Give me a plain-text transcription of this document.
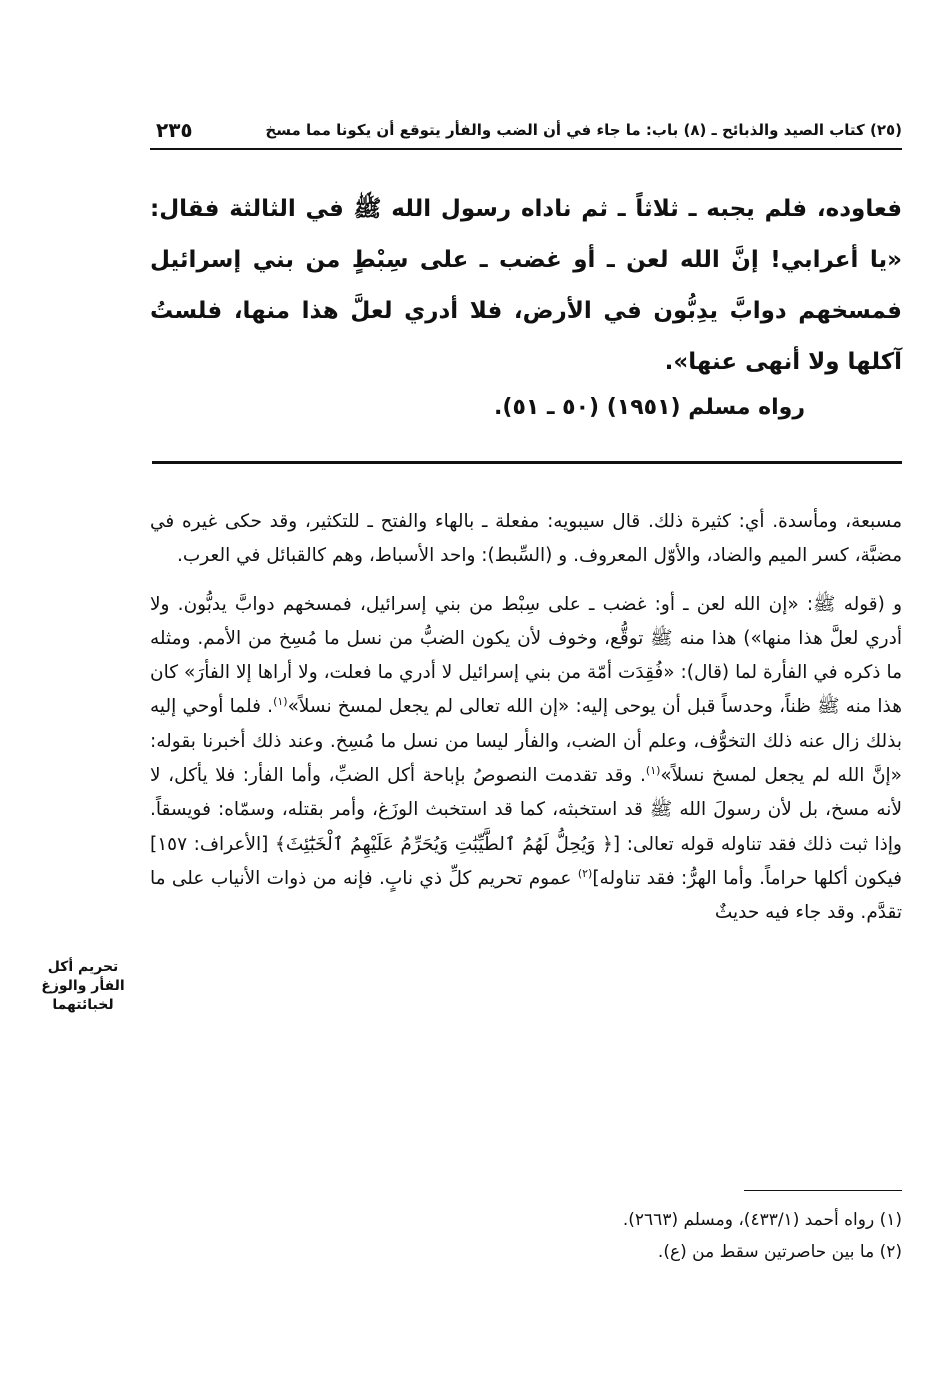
(٢٥) كتاب الصيد والذبائح ـ (٨) باب: ما جاء في أن الضب والفأر يتوقع أن يكونا مما مسخ
٢٣٥

فعاوده، فلم يجبه ـ ثلاثاً ـ ثم ناداه رسول الله ﷺ في الثالثة فقال: «يا أعرابي! إنَّ الله لعن ـ أو غضب ـ على سِبْطٍ من بني إسرائيل فمسخهم دوابَّ يدِبُّون في الأرض، فلا أدري لعلَّ هذا منها، فلستُ آكلها ولا أنهى عنها».

رواه مسلم (١٩٥١) (٥٠ ـ ٥١).

مسبعة، ومأسدة. أي: كثيرة ذلك. قال سيبويه: مفعلة ـ بالهاء والفتح ـ للتكثير، وقد حكى غيره في مضبَّة، كسر الميم والضاد، والأوّل المعروف. و (السِّبط): واحد الأسباط، وهم كالقبائل في العرب.

و (قوله ﷺ: «إن الله لعن ـ أو: غضب ـ على سِبْط من بني إسرائيل، فمسخهم دوابَّ يدبُّون. ولا أدري لعلَّ هذا منها») هذا منه ﷺ توقُّع، وخوف لأن يكون الضبُّ من نسل ما مُسِخ من الأمم. ومثله ما ذكره في الفأرة لما (قال): «فُقِدَت أمّة من بني إسرائيل لا أدري ما فعلت، ولا أراها إلا الفأرَ» كان هذا منه ﷺ ظناً، وحدساً قبل أن يوحى إليه: «إن الله تعالى لم يجعل لمسخ نسلاً»$^{(١)}$. فلما أوحي إليه بذلك زال عنه ذلك التخوُّف، وعلم أن الضب، والفأر ليسا من نسل ما مُسِخ. وعند ذلك أخبرنا بقوله: «إنَّ الله لم يجعل لمسخ نسلاً»$^{(١)}$. وقد تقدمت النصوصُ بإباحة أكل الضبِّ، وأما الفأر: فلا يأكل، لا لأنه مسخ، بل لأن رسولَ الله ﷺ قد استخبثه، كما قد استخبث الوزَغ، وأمر بقتله، وسمّاه: فويسقاً. وإذا ثبت ذلك فقد تناوله قوله تعالى: [﴿ وَيُحِلُّ لَهُمُ ٱلطَّيِّبَٰتِ وَيُحَرِّمُ عَلَيْهِمُ ٱلْخَبَٰٓئِثَ﴾ [الأعراف: ١٥٧] فيكون أكلها حراماً. وأما الهرُّ: فقد تناوله]$^{(٢)}$ عموم تحريم كلِّ ذي نابٍ. فإنه من ذوات الأنياب على ما تقدَّم. وقد جاء فيه حديثٌ

تحريم أكل
الفأر والوزغ
لخبائتهما

(١) رواه أحمد (٤٣٣/١)، ومسلم (٢٦٦٣).

(٢) ما بين حاصرتين سقط من (ع).
